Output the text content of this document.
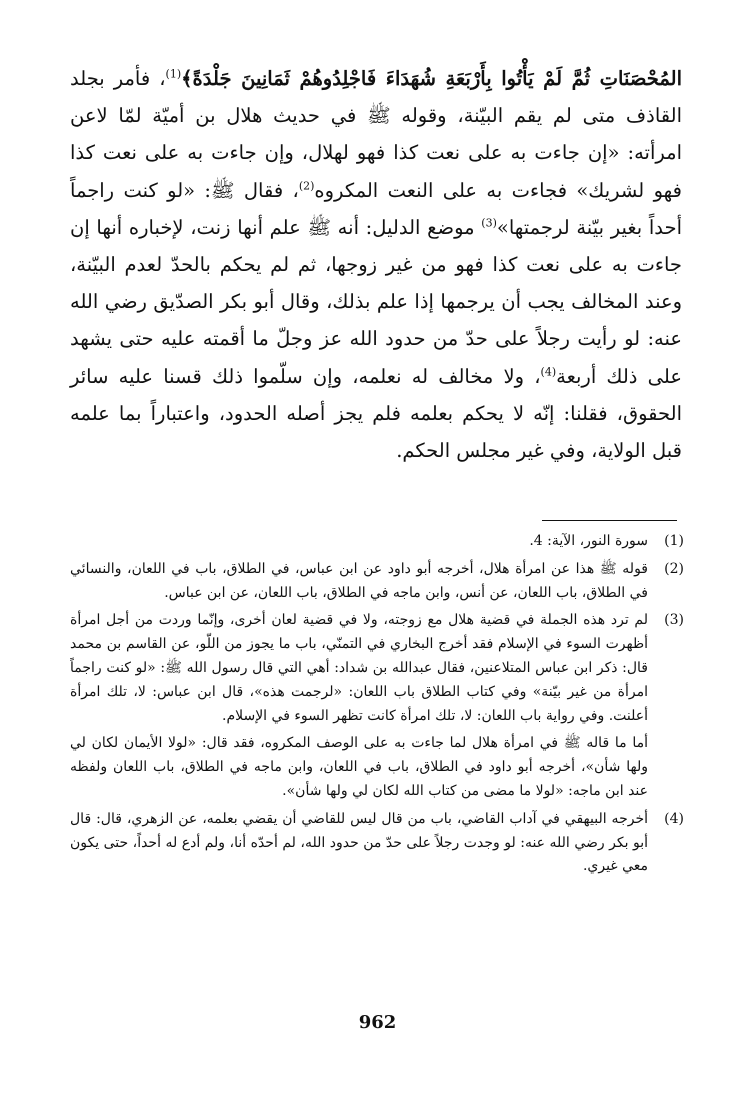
المُحْصَنَاتِ ثُمَّ لَمْ يَأْتُوا بِأَرْبَعَةِ شُهَدَاءَ فَاجْلِدُوهُمْ ثَمَانِينَ جَلْدَةً﴾$^{(1)}$، فأمر بجلد القاذف متى لم يقم البيّنة، وقوله ﷺ في حديث هلال بن أميّة لمّا لاعن امرأته: «إن جاءت به على نعت كذا فهو لهلال، وإن جاءت به على نعت كذا فهو لشريك» فجاءت به على النعت المكروه$^{(2)}$، فقال ﷺ: «لو كنت راجماً أحداً بغير بيّنة لرجمتها»$^{(3)}$ موضع الدليل: أنه ﷺ علم أنها زنت، لإخباره أنها إن جاءت به على نعت كذا فهو من غير زوجها، ثم لم يحكم بالحدّ لعدم البيّنة، وعند المخالف يجب أن يرجمها إذا علم بذلك، وقال أبو بكر الصدّيق رضي الله عنه: لو رأيت رجلاً على حدّ من حدود الله عز وجلّ ما أقمته عليه حتى يشهد على ذلك أربعة$^{(4)}$، ولا مخالف له نعلمه، وإن سلّموا ذلك قسنا عليه سائر الحقوق، فقلنا: إنّه لا يحكم بعلمه فلم يجز أصله الحدود، واعتباراً بما علمه قبل الولاية، وفي غير مجلس الحكم.

(1)
سورة النور، الآية: 4.
(2)
قوله ﷺ هذا عن امرأة هلال، أخرجه أبو داود عن ابن عباس، في الطلاق، باب في اللعان، والنسائي في الطلاق، باب اللعان، عن أنس، وابن ماجه في الطلاق، باب اللعان، عن ابن عباس.
(3)
لم ترد هذه الجملة في قضية هلال مع زوجته، ولا في قضية لعان أخرى، وإنّما وردت من أجل امرأة أظهرت السوء في الإسلام فقد أخرج البخاري في التمنّي، باب ما يجوز من اللّو، عن القاسم بن محمد قال: ذكر ابن عباس المتلاعنين، فقال عبدالله بن شداد: أهي التي قال رسول الله ﷺ: «لو كنت راجماً امرأة من غير بيّنة» وفي كتاب الطلاق باب اللعان: «لرجمت هذه»، قال ابن عباس: لا، تلك امرأة أعلنت. وفي رواية باب اللعان: لا، تلك امرأة كانت تظهر السوء في الإسلام.
أما ما قاله ﷺ في امرأة هلال لما جاءت به على الوصف المكروه، فقد قال: «لولا الأيمان لكان لي ولها شأن»، أخرجه أبو داود في الطلاق، باب في اللعان، وابن ماجه في الطلاق، باب اللعان ولفظه عند ابن ماجه: «لولا ما مضى من كتاب الله لكان لي ولها شأن».
(4)
أخرجه البيهقي في آداب القاضي، باب من قال ليس للقاضي أن يقضي بعلمه، عن الزهري، قال: قال أبو بكر رضي الله عنه: لو وجدت رجلاً على حدّ من حدود الله، لم أحدّه أنا، ولم أدع له أحداً، حتى يكون معي غيري.
962
